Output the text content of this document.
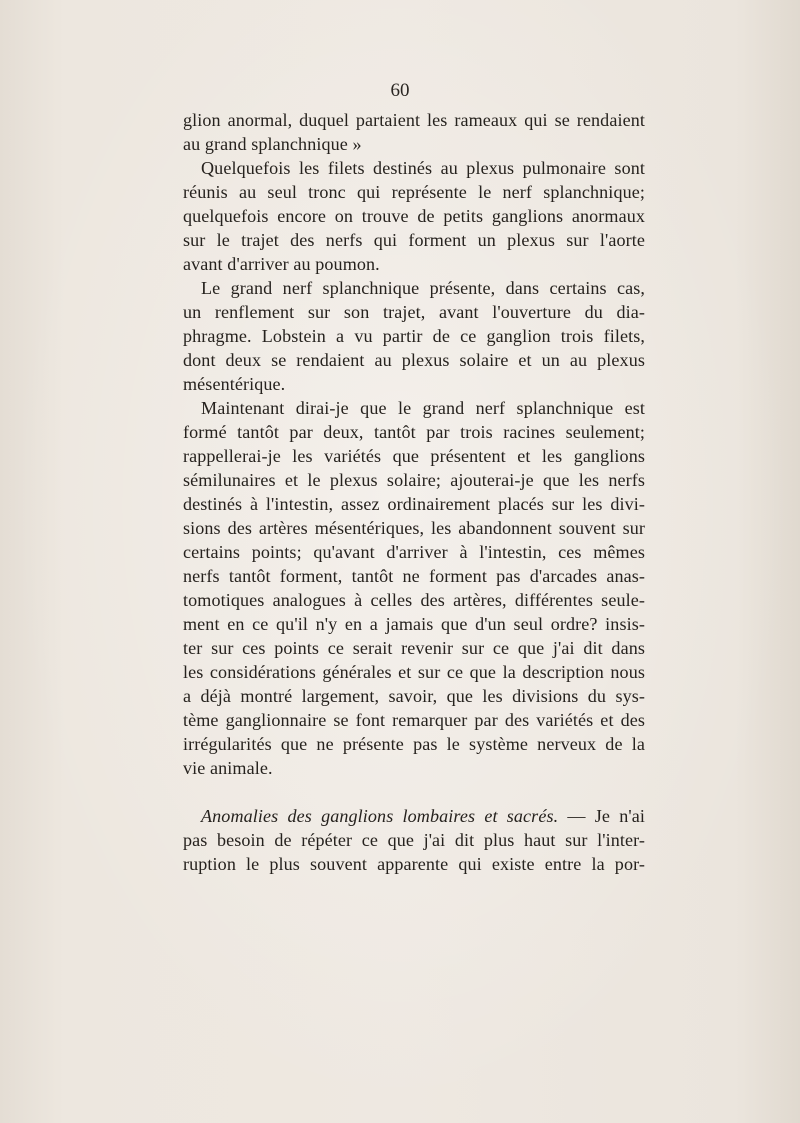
60
glion anormal, duquel partaient les rameaux qui se rendaient
au grand splanchnique »
Quelquefois les filets destinés au plexus pulmonaire sont
réunis au seul tronc qui représente le nerf splanchnique;
quelquefois encore on trouve de petits ganglions anormaux
sur le trajet des nerfs qui forment un plexus sur l'aorte
avant d'arriver au poumon.
Le grand nerf splanchnique présente, dans certains cas,
un renflement sur son trajet, avant l'ouverture du dia-
phragme. Lobstein a vu partir de ce ganglion trois filets,
dont deux se rendaient au plexus solaire et un au plexus
mésentérique.
Maintenant dirai-je que le grand nerf splanchnique est
formé tantôt par deux, tantôt par trois racines seulement;
rappellerai-je les variétés que présentent et les ganglions
sémilunaires et le plexus solaire; ajouterai-je que les nerfs
destinés à l'intestin, assez ordinairement placés sur les divi-
sions des artères mésentériques, les abandonnent souvent sur
certains points; qu'avant d'arriver à l'intestin, ces mêmes
nerfs tantôt forment, tantôt ne forment pas d'arcades anas-
tomotiques analogues à celles des artères, différentes seule-
ment en ce qu'il n'y en a jamais que d'un seul ordre? insis-
ter sur ces points ce serait revenir sur ce que j'ai dit dans
les considérations générales et sur ce que la description nous
a déjà montré largement, savoir, que les divisions du sys-
tème ganglionnaire se font remarquer par des variétés et des
irrégularités que ne présente pas le système nerveux de la
vie animale.
Anomalies des ganglions lombaires et sacrés. — Je n'ai
pas besoin de répéter ce que j'ai dit plus haut sur l'inter-
ruption le plus souvent apparente qui existe entre la por-
